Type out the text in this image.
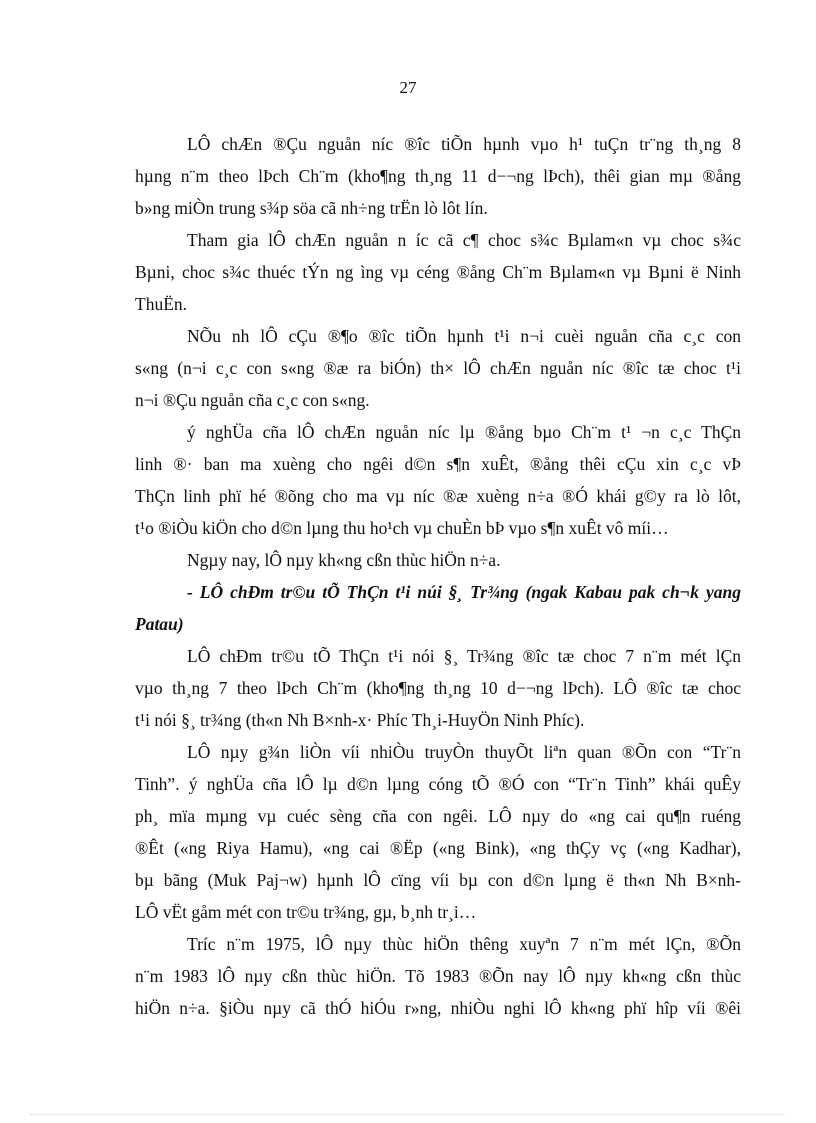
27
LÔ chÆn ®Çu nguån níc ®îc tiÕn hµnh vµo h¹ tuÇn tr¨ng th¸ng 8
hµng n¨m theo lÞch Ch¨m (kho¶ng th¸ng 11 d−¬ng lÞch), thêi gian mµ ®ång
b»ng miÒn trung s¾p söa cã nh÷ng trËn lò lôt lín.
Tham gia lÔ chÆn nguån n íc cã c¶ choc s¾c Bµlam«n vµ choc s¾c
Bµni, choc s¾c thuéc tÝn ng ìng vµ céng ®ång Ch¨m Bµlam«n vµ Bµni ë Ninh
ThuËn.
NÕu nh lÔ cÇu ®¶o ®îc tiÕn hµnh t¹i n¬i cuèi nguån cña c¸c con
s«ng (n¬i c¸c con s«ng ®æ ra biÓn) th× lÔ chÆn nguån níc ®îc tæ choc t¹i
n¬i ®Çu nguån cña c¸c con s«ng.
ý nghÜa cña lÔ chÆn nguån níc lµ ®ång bµo Ch¨m t¹ ¬n c¸c ThÇn
linh ®· ban ma xuèng cho ngêi d©n s¶n xuÊt, ®ång thêi cÇu xin c¸c vÞ
ThÇn linh phï hé ®õng cho ma vµ níc ®æ xuèng n÷a ®Ó khái g©y ra lò lôt,
t¹o ®iÒu kiÖn cho d©n lµng thu ho¹ch vµ chuÈn bÞ vµo s¶n xuÊt vô míi…
Ngµy nay, lÔ nµy kh«ng cßn thùc hiÖn n÷a.
- LÔ chÐm tr©u tÕ ThÇn t¹i núi §¸ Tr¾ng (ngak Kabau pak ch¬k yang
Patau)
LÔ chÐm tr©u tÕ ThÇn t¹i nói §¸ Tr¾ng ®îc tæ choc 7 n¨m mét lÇn
vµo th¸ng 7 theo lÞch Ch¨m (kho¶ng th¸ng 10 d−¬ng lÞch). LÔ ®îc tæ choc
t¹i nói §¸ tr¾ng (th«n Nh B×nh-x· Phíc Th¸i-HuyÖn Ninh Phíc).
LÔ nµy g¾n liÒn víi nhiÒu truyÒn thuyÕt liªn quan ®Õn con “Tr¨n
Tinh”. ý nghÜa cña lÔ lµ d©n lµng cóng tÕ ®Ó con “Tr¨n Tinh” khái quÊy
ph¸ mïa mµng vµ cuéc sèng cña con ngêi. LÔ nµy do «ng cai qu¶n ruéng
®Êt («ng Riya Hamu), «ng cai ®Ëp («ng Bink), «ng thÇy vç («ng Kadhar),
bµ bãng (Muk Paj¬w) hµnh lÔ cïng víi bµ con d©n lµng ë th«n Nh B×nh-
LÔ vËt gåm mét con tr©u tr¾ng, gµ, b¸nh tr¸i…
Tríc n¨m 1975, lÔ nµy thùc hiÖn thêng xuyªn 7 n¨m mét lÇn, ®Õn
n¨m 1983 lÔ nµy cßn thùc hiÖn. Tõ 1983 ®Õn nay lÔ nµy kh«ng cßn thùc
hiÖn n÷a. §iÒu nµy cã thÓ hiÓu r»ng, nhiÒu nghi lÔ kh«ng phï hîp víi ®êi
